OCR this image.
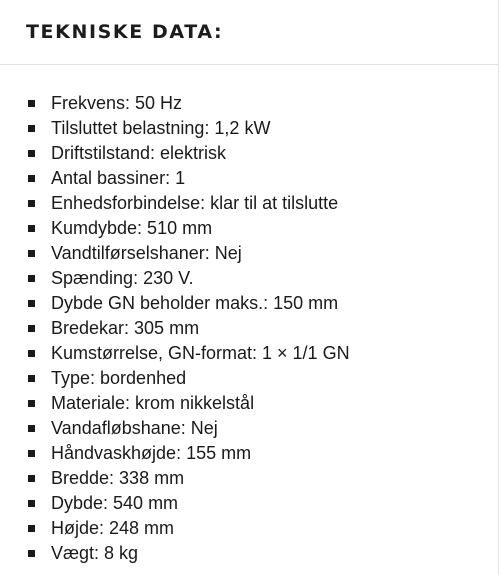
TEKNISKE DATA:
Frekvens: 50 Hz
Tilsluttet belastning: 1,2 kW
Driftstilstand: elektrisk
Antal bassiner: 1
Enhedsforbindelse: klar til at tilslutte
Kumdybde: 510 mm
Vandtilførselshaner: Nej
Spænding: 230 V.
Dybde GN beholder maks.: 150 mm
Bredekar: 305 mm
Kumstørrelse, GN-format: 1 × 1/1 GN
Type: bordenhed
Materiale: krom nikkelstål
Vandafløbshane: Nej
Håndvaskhøjde: 155 mm
Bredde: 338 mm
Dybde: 540 mm
Højde: 248 mm
Vægt: 8 kg
